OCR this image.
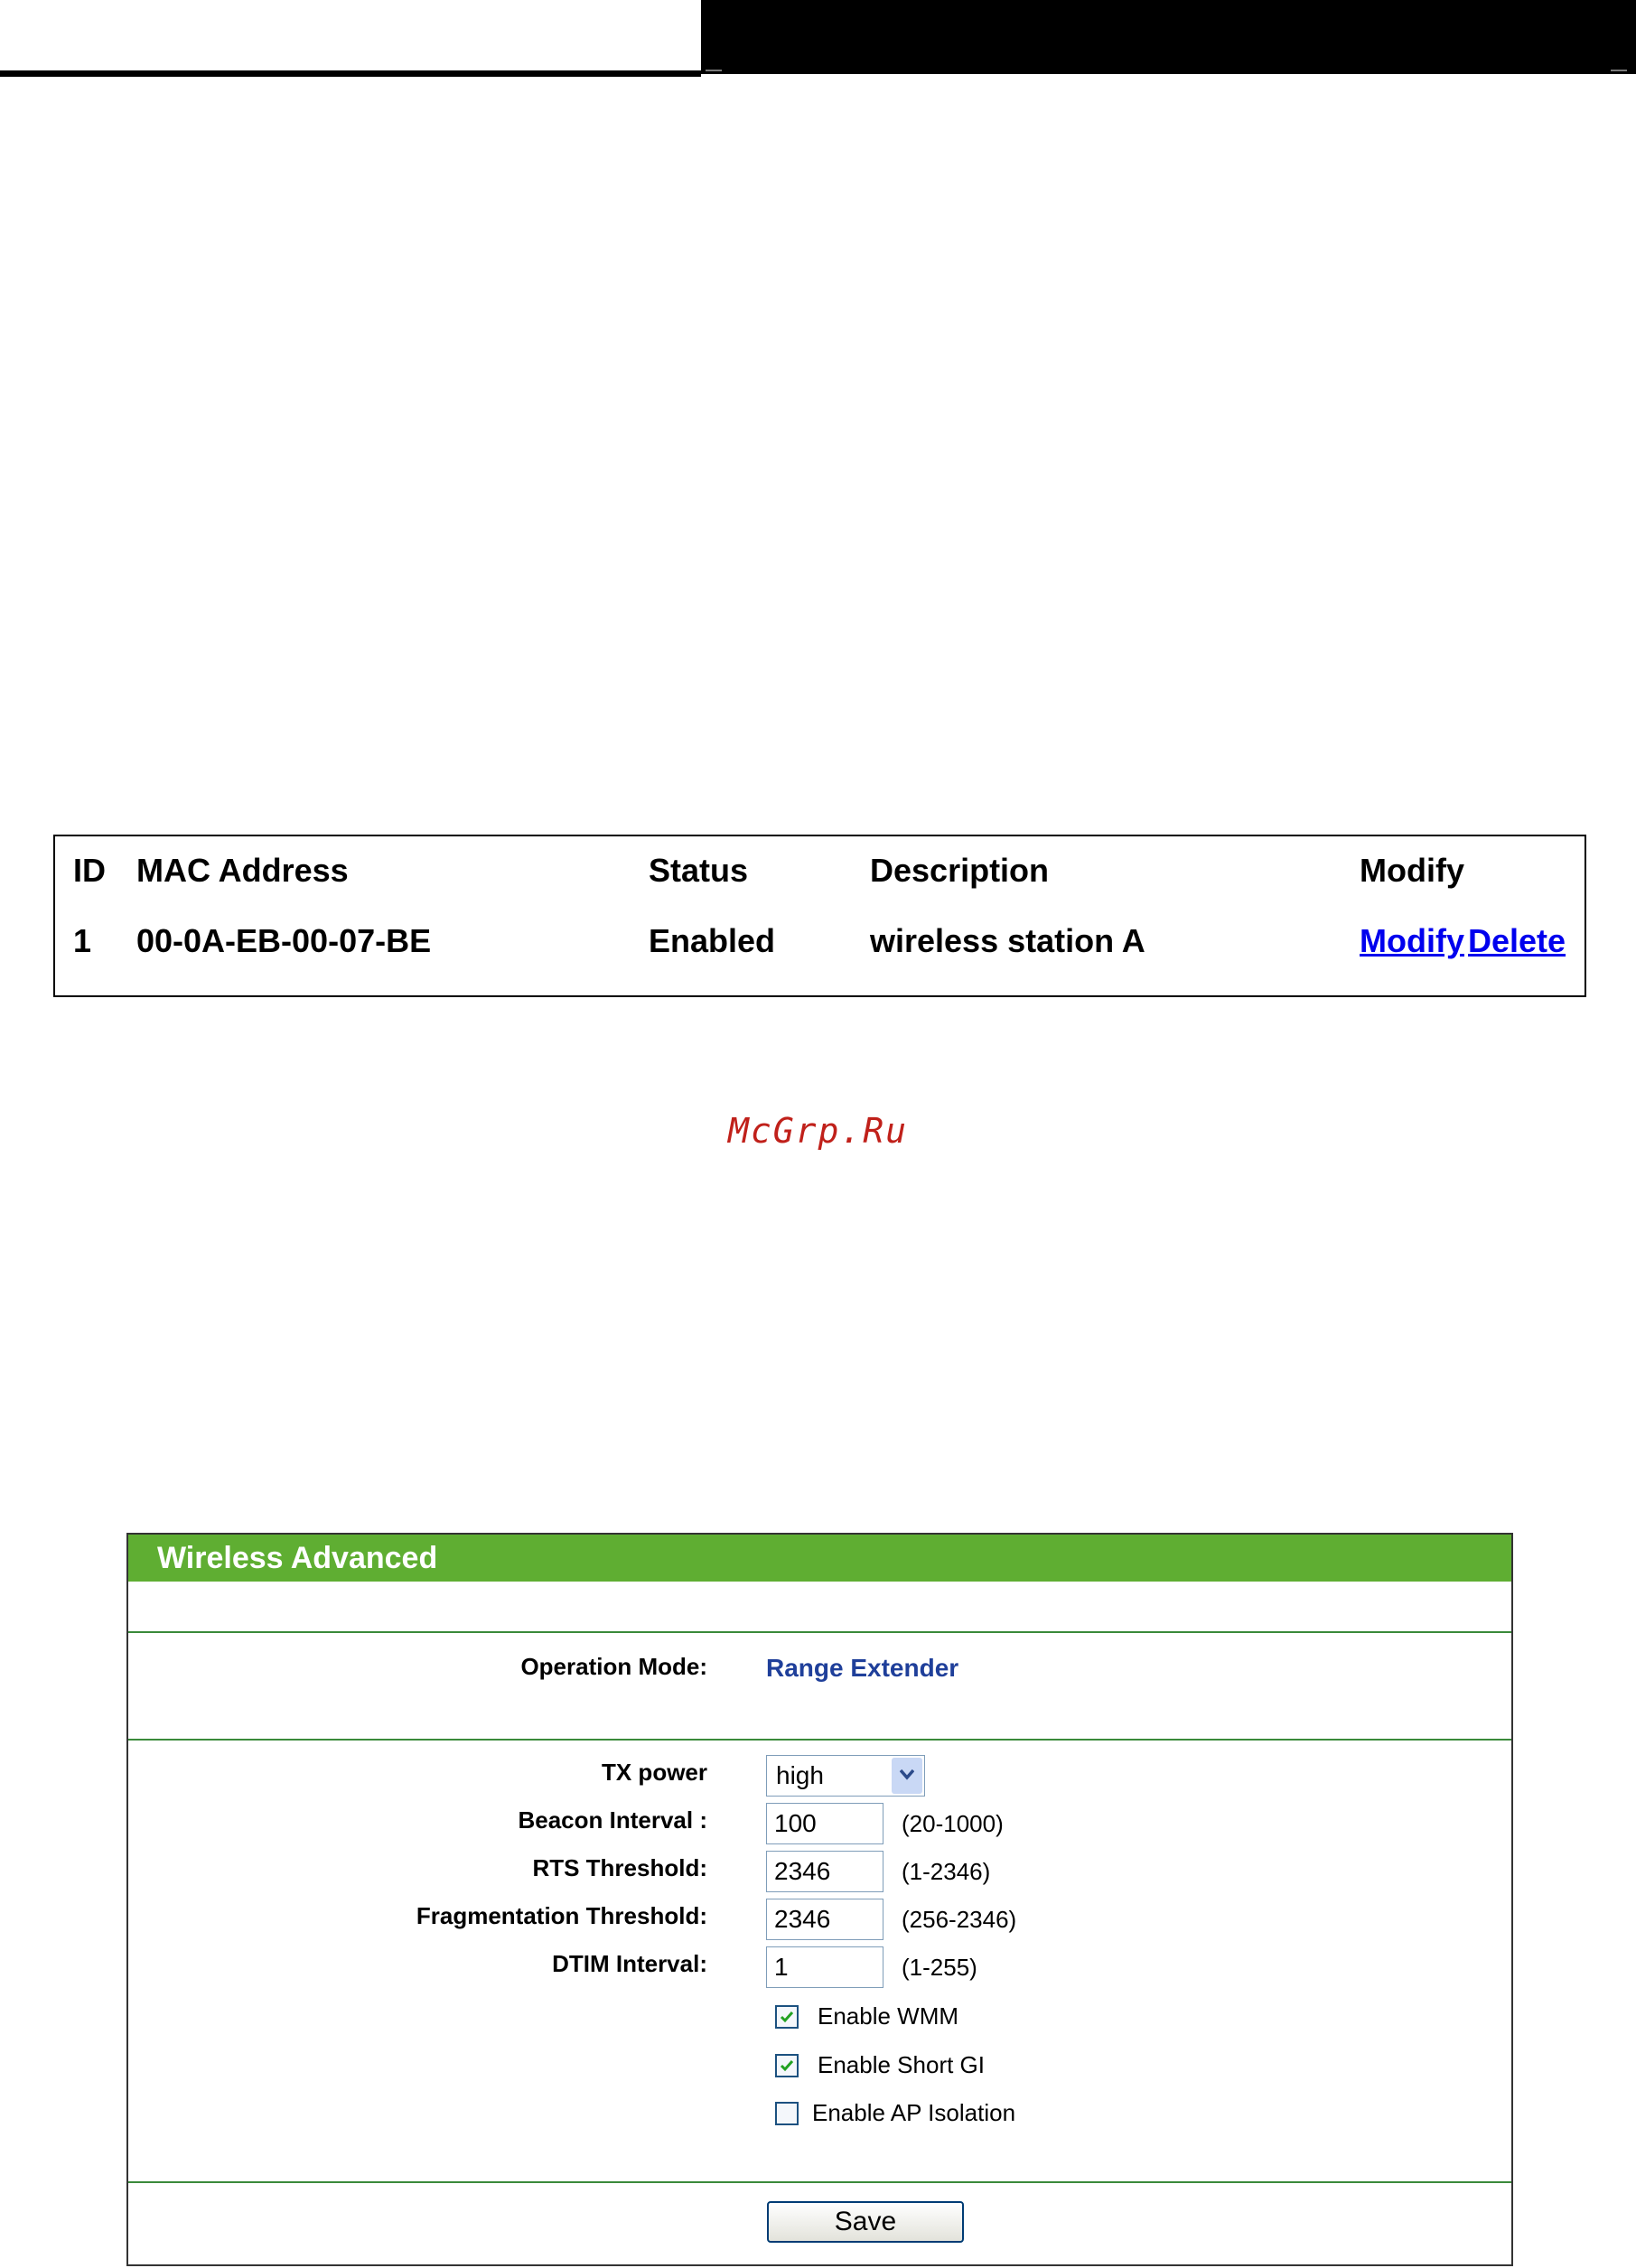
ID MAC Address	Status	Description	Modify
1 00-0A-EB-00-07-BE	Enabled	wireless station A	Modify Delete
McGrp.Ru
Wireless Advanced
Operation Mode: Range Extender
TX power	high
Beacon Interval :	100	(20-1000)
RTS Threshold:	2346	(1-2346)
Fragmentation Threshold:	2346	(256-2346)
DTIM Interval:	1	(1-255)
Enable WMM
Enable Short GI
Enable AP Isolation
Save
